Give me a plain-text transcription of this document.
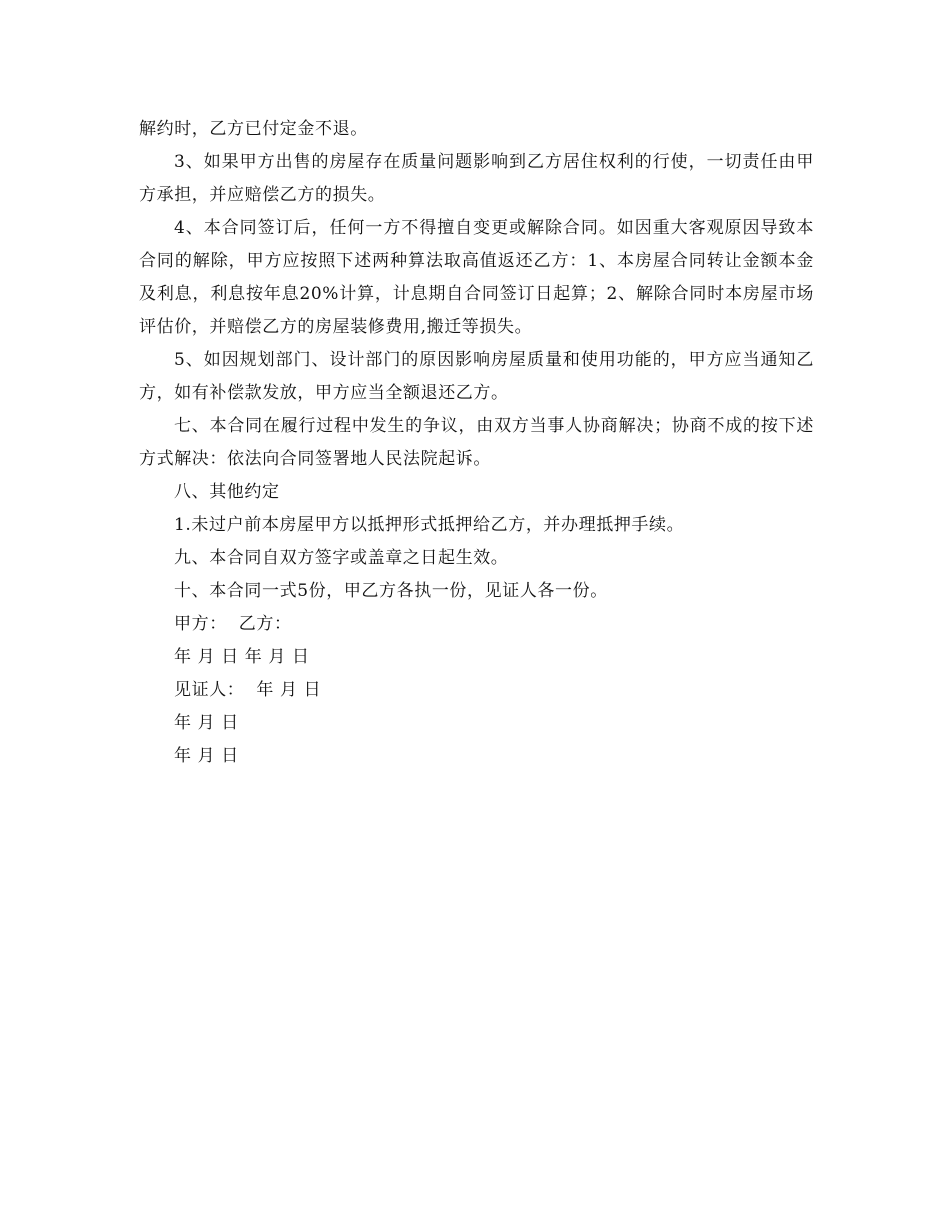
解约时，乙方已付定金不退。

3、如果甲方出售的房屋存在质量问题影响到乙方居住权利的行使，一切责任由甲方承担，并应赔偿乙方的损失。

4、本合同签订后，任何一方不得擅自变更或解除合同。如因重大客观原因导致本合同的解除，甲方应按照下述两种算法取高值返还乙方：1、本房屋合同转让金额本金及利息，利息按年息20%计算，计息期自合同签订日起算；2、解除合同时本房屋市场评估价，并赔偿乙方的房屋装修费用,搬迁等损失。

5、如因规划部门、设计部门的原因影响房屋质量和使用功能的，甲方应当通知乙方，如有补偿款发放，甲方应当全额退还乙方。

七、本合同在履行过程中发生的争议，由双方当事人协商解决；协商不成的按下述方式解决：依法向合同签署地人民法院起诉。

八、其他约定
1.未过户前本房屋甲方以抵押形式抵押给乙方，并办理抵押手续。
九、本合同自双方签字或盖章之日起生效。
十、本合同一式5份，甲乙方各执一份，见证人各一份。
甲方：  乙方：
年 月 日 年 月 日
见证人：  年 月 日
年 月 日
年 月 日
